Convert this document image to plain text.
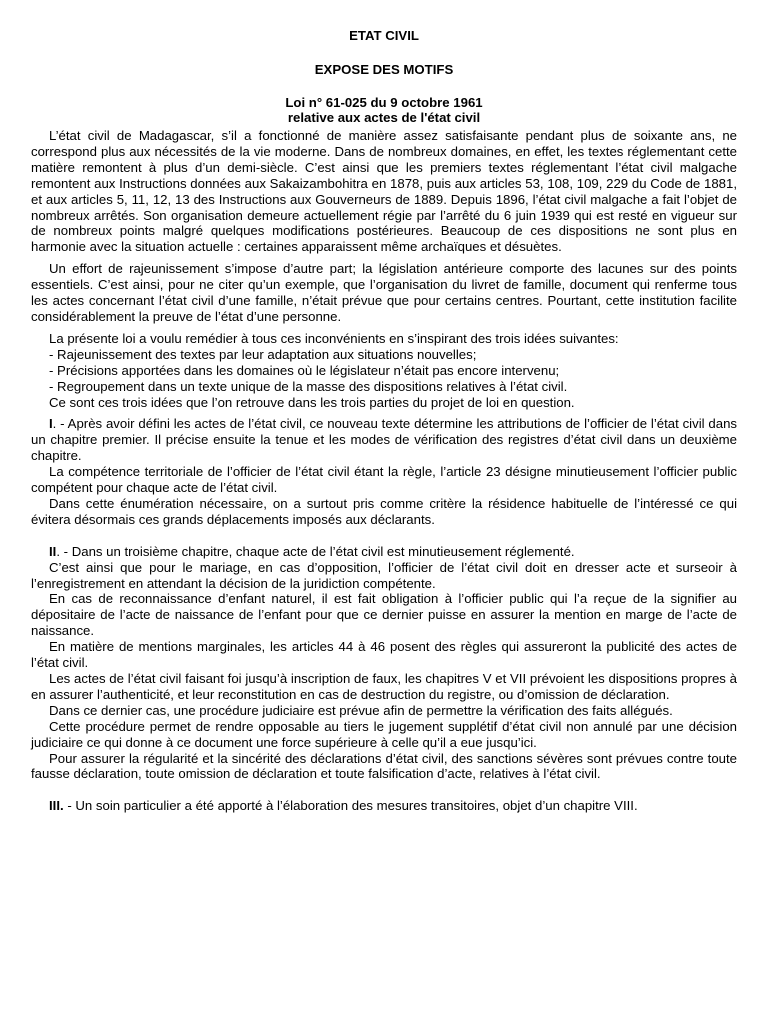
ETAT CIVIL
EXPOSE DES MOTIFS
Loi n° 61-025 du 9 octobre 1961
relative aux actes de l'état civil

L’état civil de Madagascar, s’il a fonctionné de manière assez satisfaisante pendant plus de soixante ans, ne correspond plus aux nécessités de la vie moderne. Dans de nombreux domaines, en effet, les textes réglementant cette matière remontent à plus d’un demi-siècle. C’est ainsi que les premiers textes réglementant l’état civil malgache remontent aux Instructions données aux Sakaizambohitra en 1878, puis aux articles 53, 108, 109, 229 du Code de 1881, et aux articles 5, 11, 12, 13 des Instructions aux Gouverneurs de 1889. Depuis 1896, l’état civil malgache a fait l’objet de nombreux arrêtés. Son organisation demeure actuellement régie par l’arrêté du 6 juin 1939 qui est resté en vigueur sur de nombreux points malgré quelques modifications postérieures. Beaucoup de ces dispositions ne sont plus en harmonie avec la situation actuelle : certaines apparaissent même archaïques et désuètes.

Un effort de rajeunissement s’impose d’autre part; la législation antérieure comporte des lacunes sur des points essentiels. C’est ainsi, pour ne citer qu’un exemple, que l’organisation du livret de famille, document qui renferme tous les actes concernant l’état civil d’une famille, n’était prévue que pour certains centres. Pourtant, cette institution facilite considérablement la preuve de l’état d’une personne.

La présente loi a voulu remédier à tous ces inconvénients en s’inspirant des trois idées suivantes:

- Rajeunissement des textes par leur adaptation aux situations nouvelles;

- Précisions apportées dans les domaines où le législateur n’était pas encore intervenu;

- Regroupement dans un texte unique de la masse des dispositions relatives à l’état civil.

Ce sont ces trois idées que l’on retrouve dans les trois parties du projet de loi en question.

I. - Après avoir défini les actes de l’état civil, ce nouveau texte détermine les attributions de l’officier de l’état civil dans un chapitre premier. Il précise ensuite la tenue et les modes de vérification des registres d’état civil dans un deuxième chapitre.

La compétence territoriale de l’officier de l’état civil étant la règle, l’article 23 désigne minutieusement l’officier public compétent pour chaque acte de l’état civil.

Dans cette énumération nécessaire, on a surtout pris comme critère la résidence habituelle de l’intéressé ce qui évitera désormais ces grands déplacements imposés aux déclarants.

II. - Dans un troisième chapitre, chaque acte de l’état civil est minutieusement réglementé.

C’est ainsi que pour le mariage, en cas d’opposition, l’officier de l’état civil doit en dresser acte et surseoir à l’enregistrement en attendant la décision de la juridiction compétente.

En cas de reconnaissance d’enfant naturel, il est fait obligation à l’officier public qui l’a reçue de la signifier au dépositaire de l’acte de naissance de l’enfant pour que ce dernier puisse en assurer la mention en marge de l’acte de naissance.

En matière de mentions marginales, les articles 44 à 46 posent des règles qui assureront la publicité des actes de l’état civil.

Les actes de l’état civil faisant foi jusqu’à inscription de faux, les chapitres V et VII prévoient les dispositions propres à en assurer l’authenticité, et leur reconstitution en cas de destruction du registre, ou d’omission de déclaration.

Dans ce dernier cas, une procédure judiciaire est prévue afin de permettre la vérification des faits allégués.

Cette procédure permet de rendre opposable au tiers le jugement supplétif d’état civil non annulé par une décision judiciaire ce qui donne à ce document une force supérieure à celle qu’il a eue jusqu’ici.

Pour assurer la régularité et la sincérité des déclarations d’état civil, des sanctions sévères sont prévues contre toute fausse déclaration, toute omission de déclaration et toute falsification d’acte, relatives à l’état civil.

III. - Un soin particulier a été apporté à l’élaboration des mesures transitoires, objet d’un chapitre VIII.
